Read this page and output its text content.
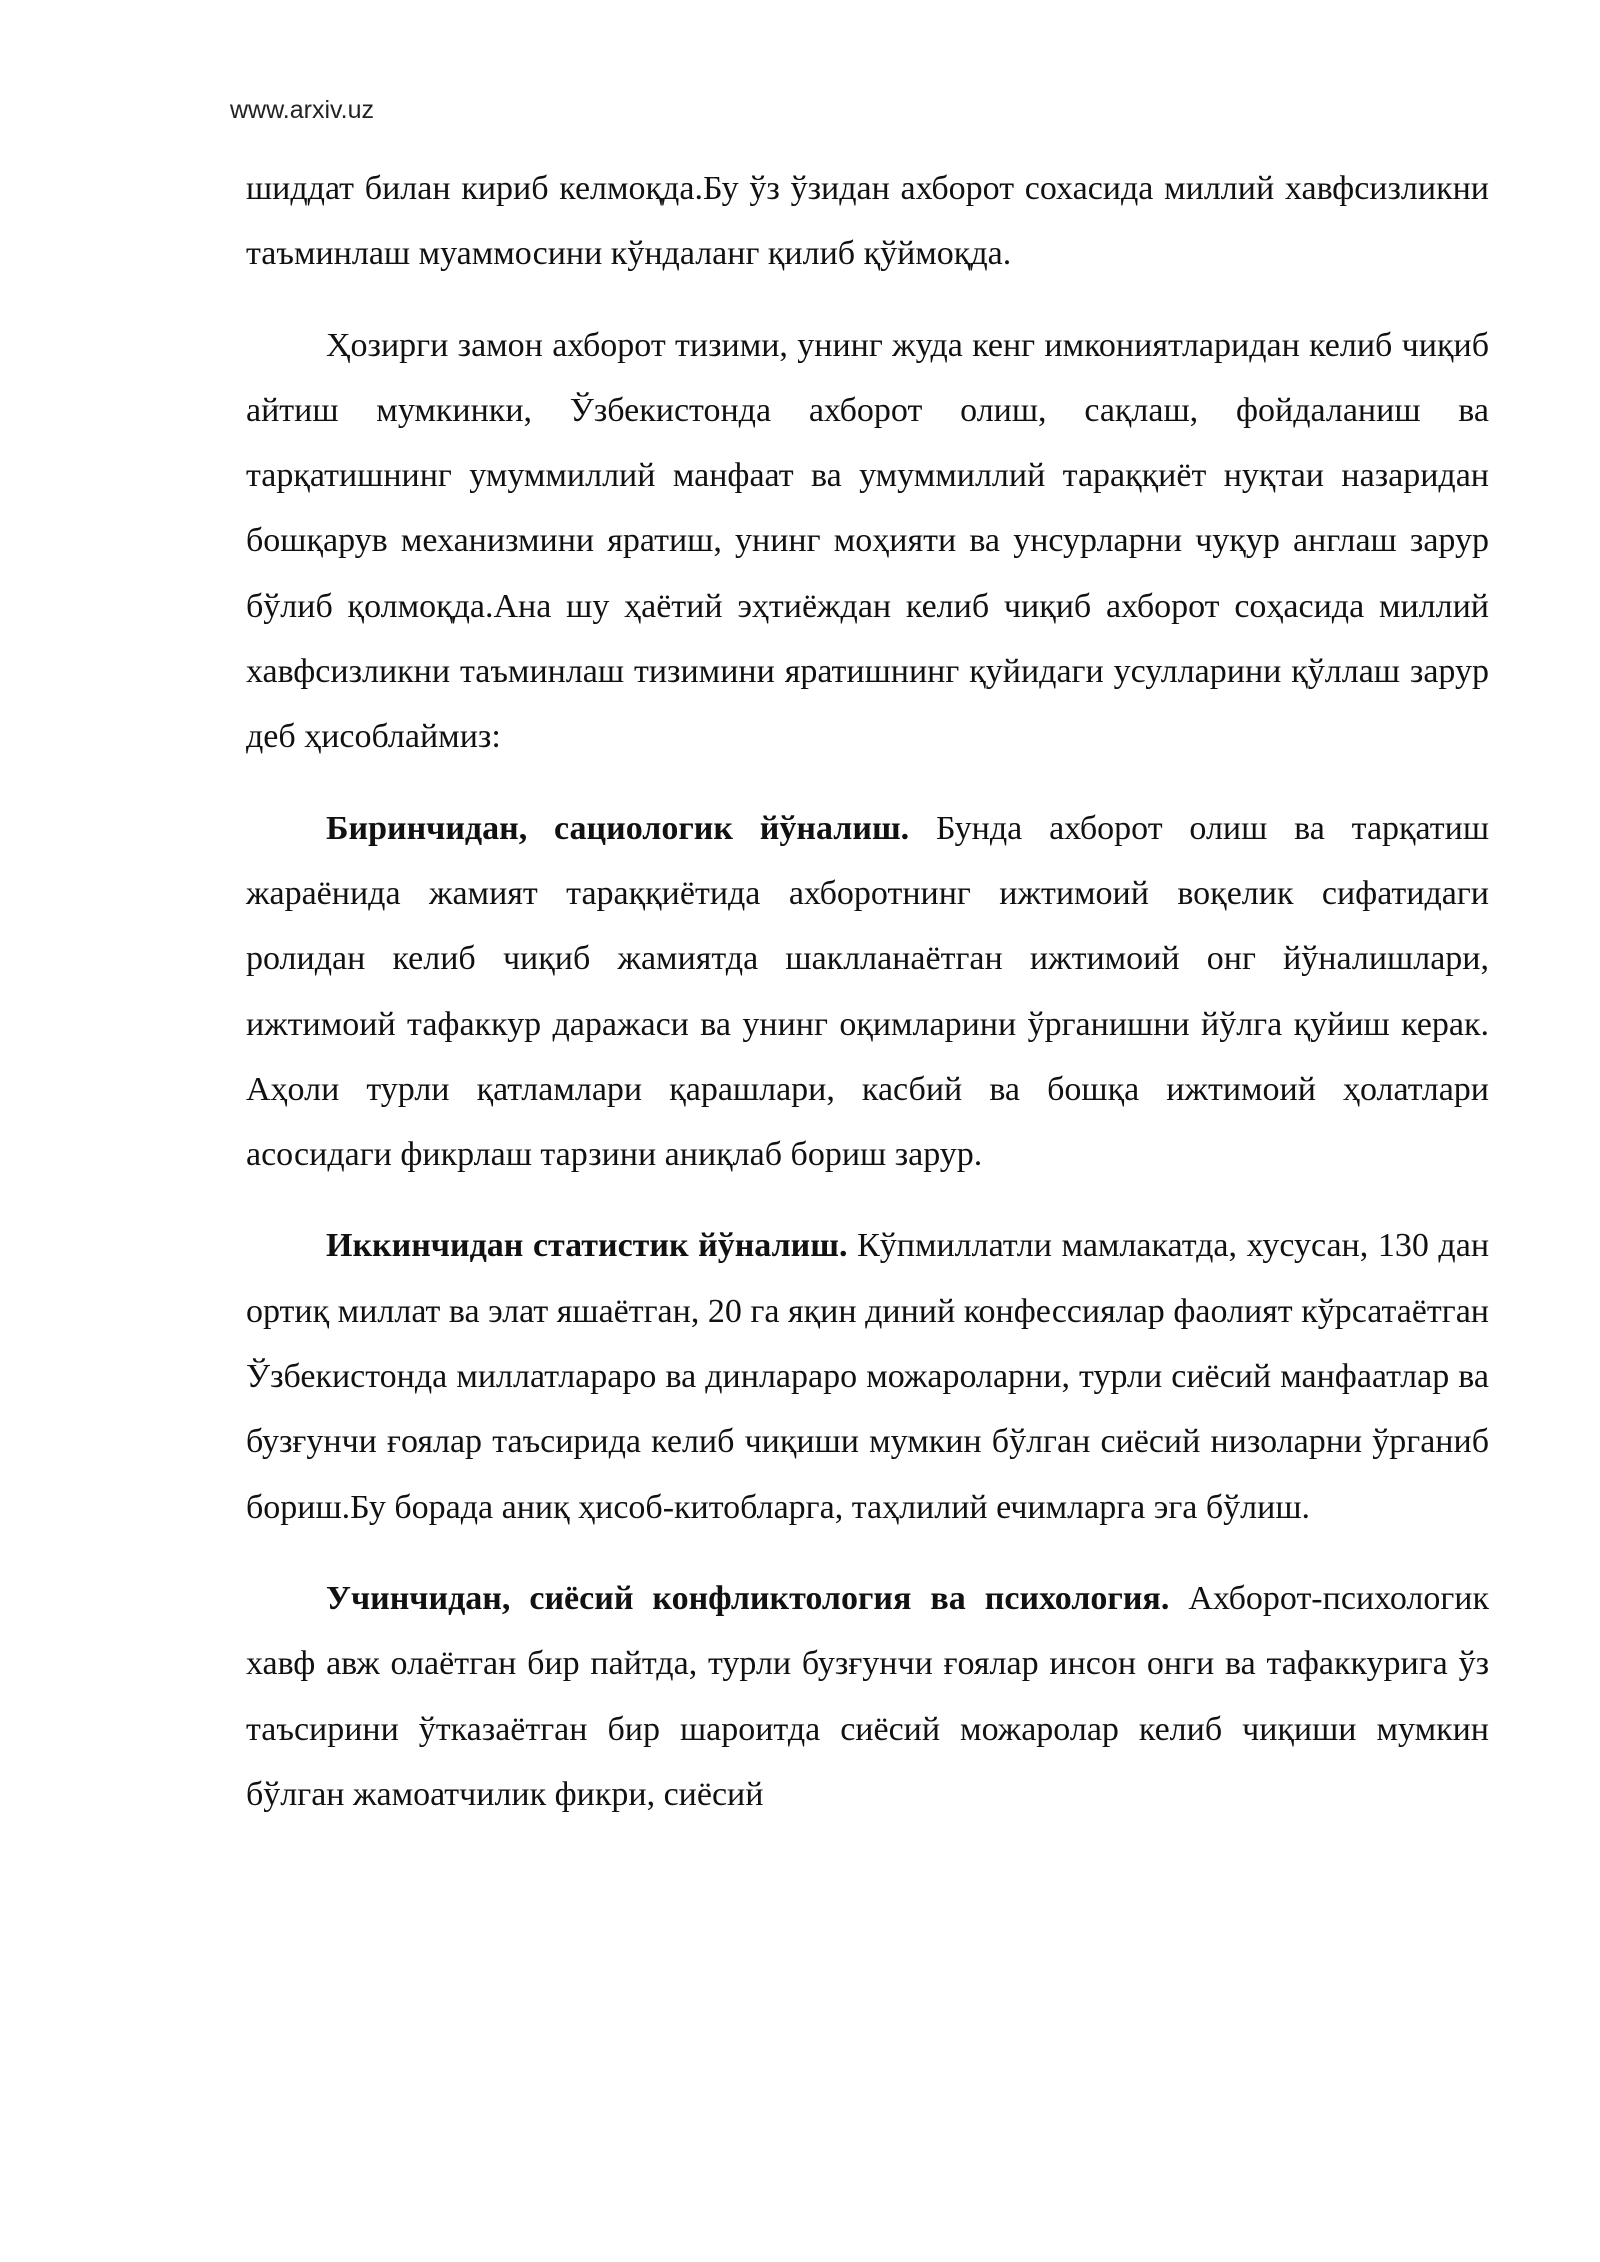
www.arxiv.uz

шиддат билан кириб келмоқда.Бу ўз ўзидан ахборот сохасида миллий хавфсизликни таъминлаш муаммосини кўндаланг қилиб қўймоқда.

Ҳозирги замон ахборот тизими, унинг жуда кенг имкониятларидан келиб чиқиб айтиш мумкинки, Ўзбекистонда ахборот олиш, сақлаш, фойдаланиш ва тарқатишнинг умуммиллий манфаат ва умуммиллий тараққиёт нуқтаи назаридан бошқарув механизмини яратиш, унинг моҳияти ва унсурларни чуқур англаш зарур бўлиб қолмоқда.Ана шу ҳаётий эҳтиёждан келиб чиқиб ахборот соҳасида миллий хавфсизликни таъминлаш тизимини яратишнинг қуйидаги усулларини қўллаш зарур деб ҳисоблаймиз:

Биринчидан, сациологик йўналиш. Бунда ахборот олиш ва тарқатиш жараёнида жамият тараққиётида ахборотнинг ижтимоий воқелик сифатидаги ролидан келиб чиқиб жамиятда шаклланаётган ижтимоий онг йўналишлари, ижтимоий тафаккур даражаси ва унинг оқимларини ўрганишни йўлга қуйиш керак. Аҳоли турли қатламлари қарашлари, касбий ва бошқа ижтимоий ҳолатлари асосидаги фикрлаш тарзини аниқлаб бориш зарур.

Иккинчидан статистик йўналиш. Кўпмиллатли мамлакатда, хусусан, 130 дан ортиқ миллат ва элат яшаётган, 20 га яқин диний конфессиялар фаолият кўрсатаётган Ўзбекистонда миллатлараро ва динлараро можароларни, турли сиёсий манфаатлар ва бузғунчи ғоялар таъсирида келиб чиқиши мумкин бўлган сиёсий низоларни ўрганиб бориш.Бу борада аниқ ҳисоб-китобларга, таҳлилий ечимларга эга бўлиш.

Учинчидан, сиёсий конфликтология ва психология. Ахборот-психологик хавф авж олаётган бир пайтда, турли бузғунчи ғоялар инсон онги ва тафаккурига ўз таъсирини ўтказаётган бир шароитда сиёсий можаролар келиб чиқиши мумкин бўлган жамоатчилик фикри, сиёсий
